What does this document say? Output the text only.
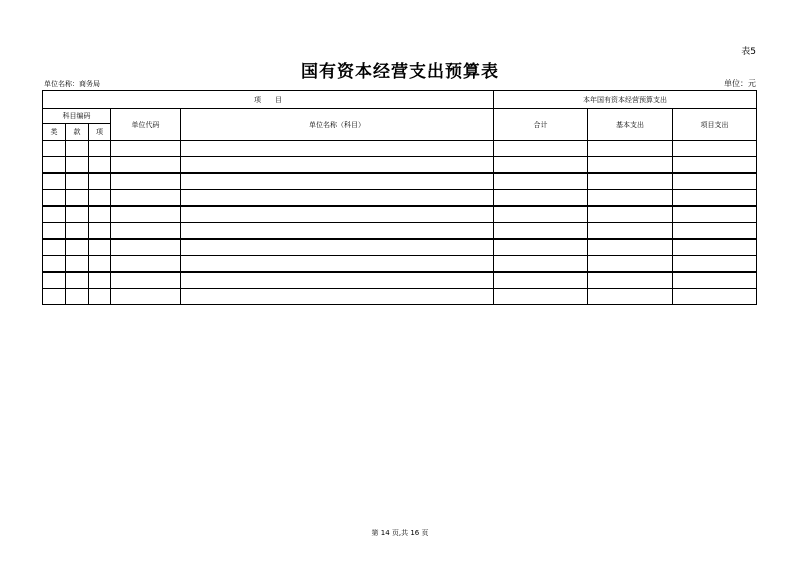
表5
国有资本经营支出预算表
单位名称：商务局	单位：元
项　　目					本年国有资本经营预算支出		
科目编码			单位代码	单位名称（科目）	合计	基本支出	项目支出
类	款	项					

第 14 页,共 16 页
